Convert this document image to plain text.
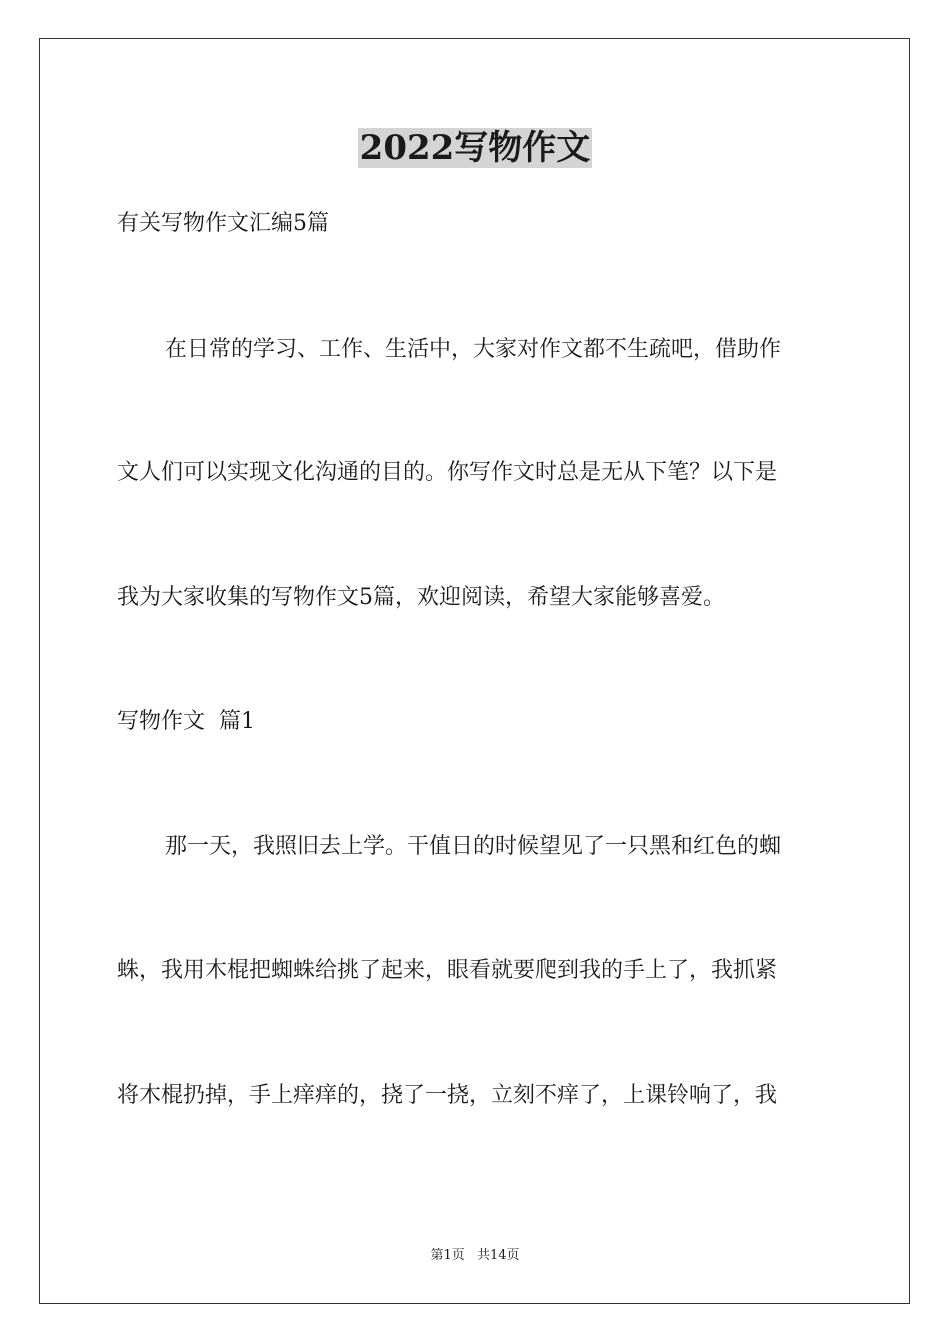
2022写物作文

有关写物作文汇编5篇

在日常的学习、工作、生活中，大家对作文都不生疏吧，借助作

文人们可以实现文化沟通的目的。你写作文时总是无从下笔？以下是

我为大家收集的写物作文5篇，欢迎阅读，希望大家能够喜爱。

写物作文  篇1

那一天，我照旧去上学。干值日的时候望见了一只黑和红色的蜘

蛛，我用木棍把蜘蛛给挑了起来，眼看就要爬到我的手上了，我抓紧

将木棍扔掉，手上痒痒的，挠了一挠，立刻不痒了，上课铃响了，我

第1页 共14页
